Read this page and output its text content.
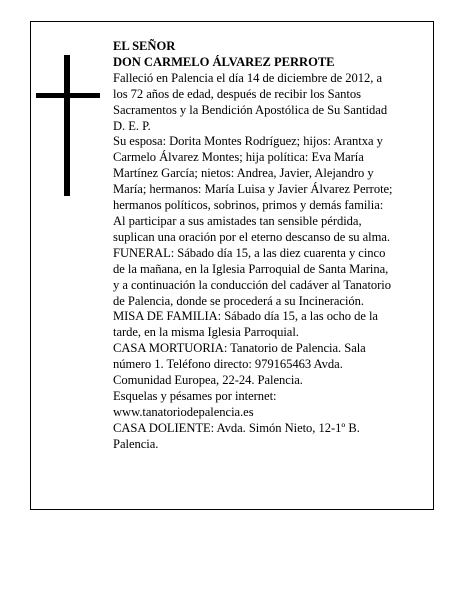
EL SEÑOR
DON CARMELO ÁLVAREZ PERROTE
Falleció en Palencia el día 14 de diciembre de 2012, a
los 72 años de edad, después de recibir los Santos
Sacramentos y la Bendición Apostólica de Su Santidad
D. E. P.
Su esposa: Dorita Montes Rodríguez; hijos: Arantxa y
Carmelo Álvarez Montes; hija política: Eva María
Martínez García; nietos: Andrea, Javier, Alejandro y
María; hermanos: María Luisa y Javier Álvarez Perrote;
hermanos políticos, sobrinos, primos y demás familia:
Al participar a sus amistades tan sensible pérdida,
suplican una oración por el eterno descanso de su alma.
FUNERAL: Sábado día 15, a las diez cuarenta y cinco
de la mañana, en la Iglesia Parroquial de Santa Marina,
y a continuación la conducción del cadáver al Tanatorio
de Palencia, donde se procederá a su Incineración.
MISA DE FAMILIA: Sábado día 15, a las ocho de la
tarde, en la misma Iglesia Parroquial.
CASA MORTUORIA: Tanatorio de Palencia. Sala
número 1. Teléfono directo: 979165463 Avda.
Comunidad Europea, 22-24. Palencia.
Esquelas y pésames por internet:
www.tanatoriodepalencia.es
CASA DOLIENTE: Avda. Simón Nieto, 12-1º B.
Palencia.
